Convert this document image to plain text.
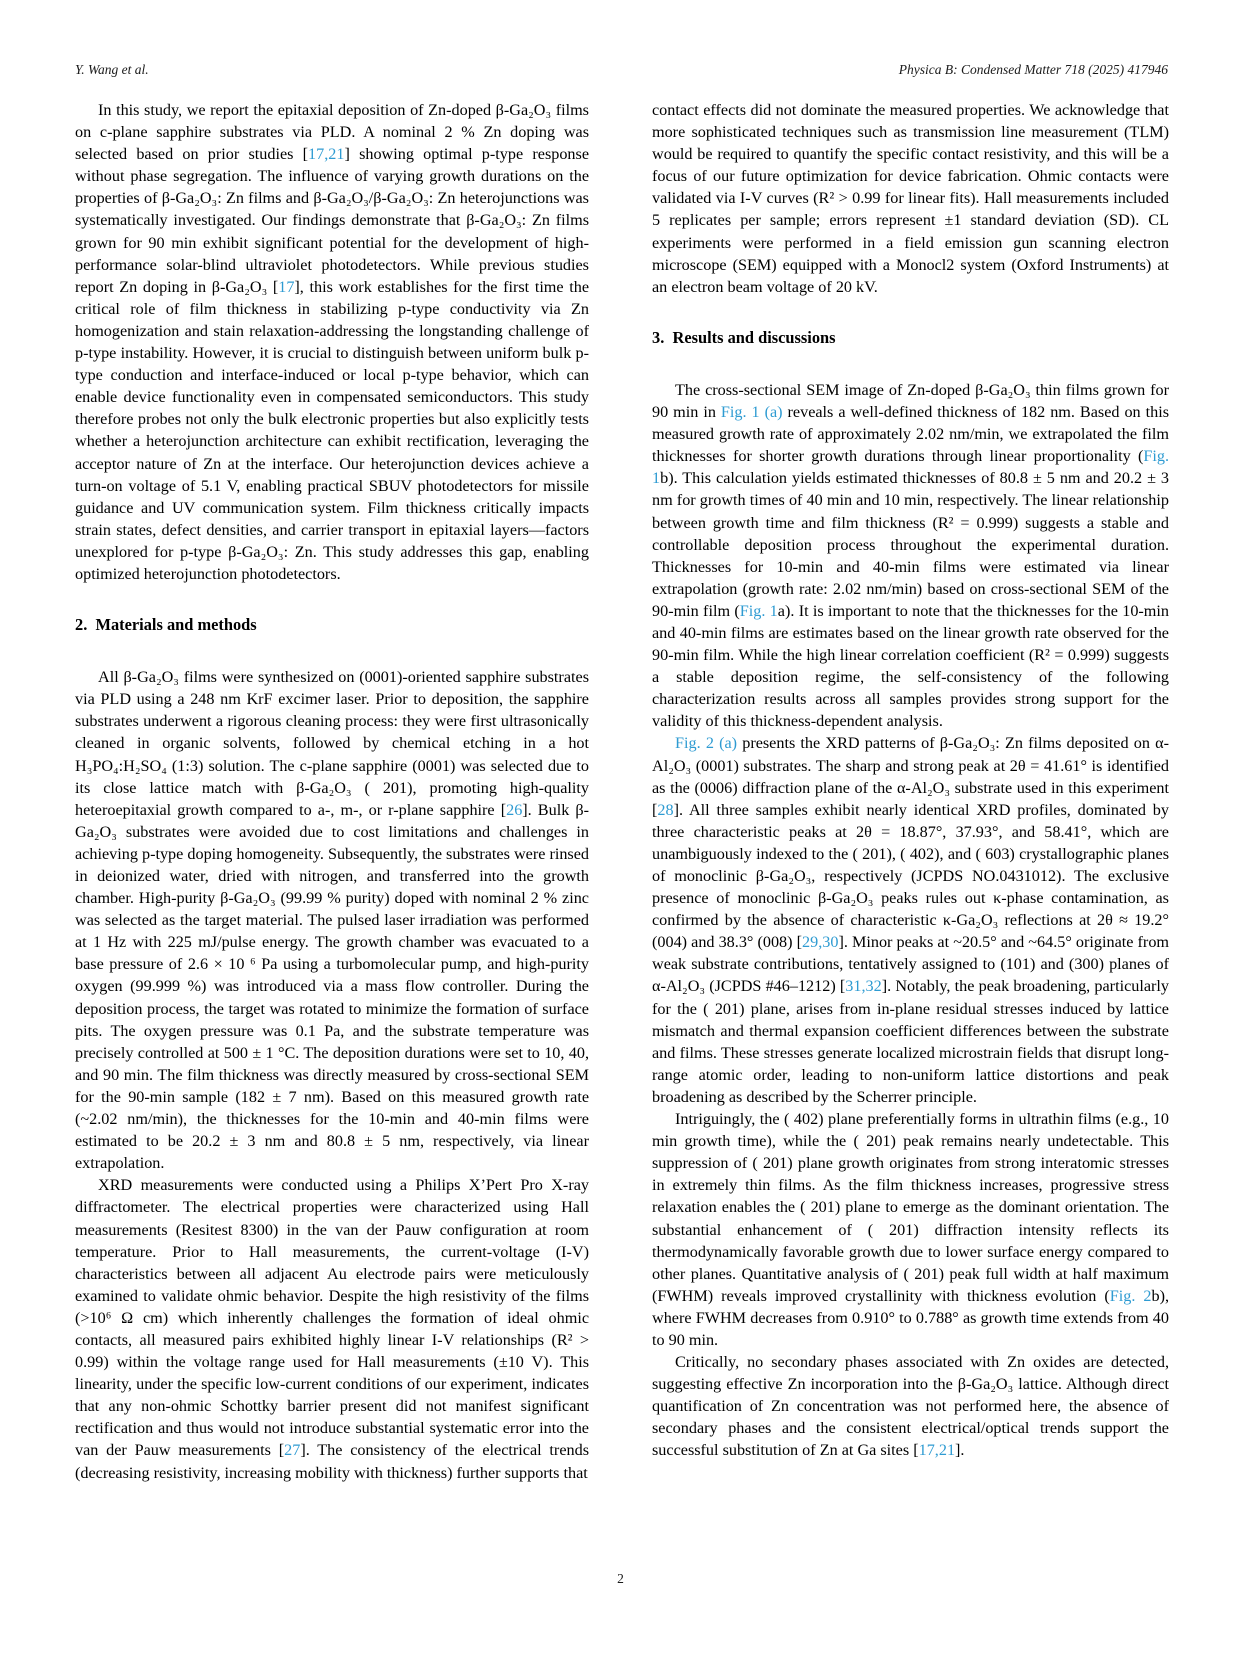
Y. Wang et al.	Physica B: Condensed Matter 718 (2025) 417946

In this study, we report the epitaxial deposition of Zn-doped β-Ga₂O₃ films on c-plane sapphire substrates via PLD. A nominal 2 % Zn doping was selected based on prior studies [17,21] showing optimal p-type response without phase segregation. The influence of varying growth durations on the properties of β-Ga₂O₃: Zn films and β-Ga₂O₃/β-Ga₂O₃: Zn heterojunctions was systematically investigated. Our findings demonstrate that β-Ga₂O₃: Zn films grown for 90 min exhibit significant potential for the development of high-performance solar-blind ultraviolet photodetectors. While previous studies report Zn doping in β-Ga₂O₃ [17], this work establishes for the first time the critical role of film thickness in stabilizing p-type conductivity via Zn homogenization and stain relaxation-addressing the longstanding challenge of p-type instability. However, it is crucial to distinguish between uniform bulk p-type conduction and interface-induced or local p-type behavior, which can enable device functionality even in compensated semiconductors. This study therefore probes not only the bulk electronic properties but also explicitly tests whether a heterojunction architecture can exhibit rectification, leveraging the acceptor nature of Zn at the interface. Our heterojunction devices achieve a turn-on voltage of 5.1 V, enabling practical SBUV photodetectors for missile guidance and UV communication system. Film thickness critically impacts strain states, defect densities, and carrier transport in epitaxial layers—factors unexplored for p-type β-Ga₂O₃: Zn. This study addresses this gap, enabling optimized heterojunction photodetectors.

2.  Materials and methods

All β-Ga₂O₃ films were synthesized on (0001)-oriented sapphire substrates via PLD using a 248 nm KrF excimer laser. Prior to deposition, the sapphire substrates underwent a rigorous cleaning process: they were first ultrasonically cleaned in organic solvents, followed by chemical etching in a hot H₃PO₄:H₂SO₄ (1:3) solution. The c-plane sapphire (0001) was selected due to its close lattice match with β-Ga₂O₃ ( 201), promoting high-quality heteroepitaxial growth compared to a-, m-, or r-plane sapphire [26]. Bulk β-Ga₂O₃ substrates were avoided due to cost limitations and challenges in achieving p-type doping homogeneity. Subsequently, the substrates were rinsed in deionized water, dried with nitrogen, and transferred into the growth chamber. High-purity β-Ga₂O₃ (99.99 % purity) doped with nominal 2 % zinc was selected as the target material. The pulsed laser irradiation was performed at 1 Hz with 225 mJ/pulse energy. The growth chamber was evacuated to a base pressure of 2.6 × 10 ⁶ Pa using a turbomolecular pump, and high-purity oxygen (99.999 %) was introduced via a mass flow controller. During the deposition process, the target was rotated to minimize the formation of surface pits. The oxygen pressure was 0.1 Pa, and the substrate temperature was precisely controlled at 500 ± 1 °C. The deposition durations were set to 10, 40, and 90 min. The film thickness was directly measured by cross-sectional SEM for the 90-min sample (182 ± 7 nm). Based on this measured growth rate (~2.02 nm/min), the thicknesses for the 10-min and 40-min films were estimated to be 20.2 ± 3 nm and 80.8 ± 5 nm, respectively, via linear extrapolation.

XRD measurements were conducted using a Philips X’Pert Pro X-ray diffractometer. The electrical properties were characterized using Hall measurements (Resitest 8300) in the van der Pauw configuration at room temperature. Prior to Hall measurements, the current-voltage (I-V) characteristics between all adjacent Au electrode pairs were meticulously examined to validate ohmic behavior. Despite the high resistivity of the films (>10⁶ Ω cm) which inherently challenges the formation of ideal ohmic contacts, all measured pairs exhibited highly linear I-V relationships (R² > 0.99) within the voltage range used for Hall measurements (±10 V). This linearity, under the specific low-current conditions of our experiment, indicates that any non-ohmic Schottky barrier present did not manifest significant rectification and thus would not introduce substantial systematic error into the van der Pauw measurements [27]. The consistency of the electrical trends (decreasing resistivity, increasing mobility with thickness) further supports that

contact effects did not dominate the measured properties. We acknowledge that more sophisticated techniques such as transmission line measurement (TLM) would be required to quantify the specific contact resistivity, and this will be a focus of our future optimization for device fabrication. Ohmic contacts were validated via I-V curves (R² > 0.99 for linear fits). Hall measurements included 5 replicates per sample; errors represent ±1 standard deviation (SD). CL experiments were performed in a field emission gun scanning electron microscope (SEM) equipped with a Monocl2 system (Oxford Instruments) at an electron beam voltage of 20 kV.

3.  Results and discussions

The cross-sectional SEM image of Zn-doped β-Ga₂O₃ thin films grown for 90 min in Fig. 1 (a) reveals a well-defined thickness of 182 nm. Based on this measured growth rate of approximately 2.02 nm/min, we extrapolated the film thicknesses for shorter growth durations through linear proportionality (Fig. 1b). This calculation yields estimated thicknesses of 80.8 ± 5 nm and 20.2 ± 3 nm for growth times of 40 min and 10 min, respectively. The linear relationship between growth time and film thickness (R² = 0.999) suggests a stable and controllable deposition process throughout the experimental duration. Thicknesses for 10-min and 40-min films were estimated via linear extrapolation (growth rate: 2.02 nm/min) based on cross-sectional SEM of the 90-min film (Fig. 1a). It is important to note that the thicknesses for the 10-min and 40-min films are estimates based on the linear growth rate observed for the 90-min film. While the high linear correlation coefficient (R² = 0.999) suggests a stable deposition regime, the self-consistency of the following characterization results across all samples provides strong support for the validity of this thickness-dependent analysis.

Fig. 2 (a) presents the XRD patterns of β-Ga₂O₃: Zn films deposited on α-Al₂O₃ (0001) substrates. The sharp and strong peak at 2θ = 41.61° is identified as the (0006) diffraction plane of the α-Al₂O₃ substrate used in this experiment [28]. All three samples exhibit nearly identical XRD profiles, dominated by three characteristic peaks at 2θ = 18.87°, 37.93°, and 58.41°, which are unambiguously indexed to the ( 201), ( 402), and ( 603) crystallographic planes of monoclinic β-Ga₂O₃, respectively (JCPDS NO.0431012). The exclusive presence of monoclinic β-Ga₂O₃ peaks rules out κ-phase contamination, as confirmed by the absence of characteristic κ-Ga₂O₃ reflections at 2θ ≈ 19.2° (004) and 38.3° (008) [29,30]. Minor peaks at ~20.5° and ~64.5° originate from weak substrate contributions, tentatively assigned to (101) and (300) planes of α-Al₂O₃ (JCPDS #46–1212) [31,32]. Notably, the peak broadening, particularly for the ( 201) plane, arises from in-plane residual stresses induced by lattice mismatch and thermal expansion coefficient differences between the substrate and films. These stresses generate localized microstrain fields that disrupt long-range atomic order, leading to non-uniform lattice distortions and peak broadening as described by the Scherrer principle.

Intriguingly, the ( 402) plane preferentially forms in ultrathin films (e.g., 10 min growth time), while the ( 201) peak remains nearly undetectable. This suppression of ( 201) plane growth originates from strong interatomic stresses in extremely thin films. As the film thickness increases, progressive stress relaxation enables the ( 201) plane to emerge as the dominant orientation. The substantial enhancement of ( 201) diffraction intensity reflects its thermodynamically favorable growth due to lower surface energy compared to other planes. Quantitative analysis of ( 201) peak full width at half maximum (FWHM) reveals improved crystallinity with thickness evolution (Fig. 2b), where FWHM decreases from 0.910° to 0.788° as growth time extends from 40 to 90 min.

Critically, no secondary phases associated with Zn oxides are detected, suggesting effective Zn incorporation into the β-Ga₂O₃ lattice. Although direct quantification of Zn concentration was not performed here, the absence of secondary phases and the consistent electrical/optical trends support the successful substitution of Zn at Ga sites [17,21].

2
